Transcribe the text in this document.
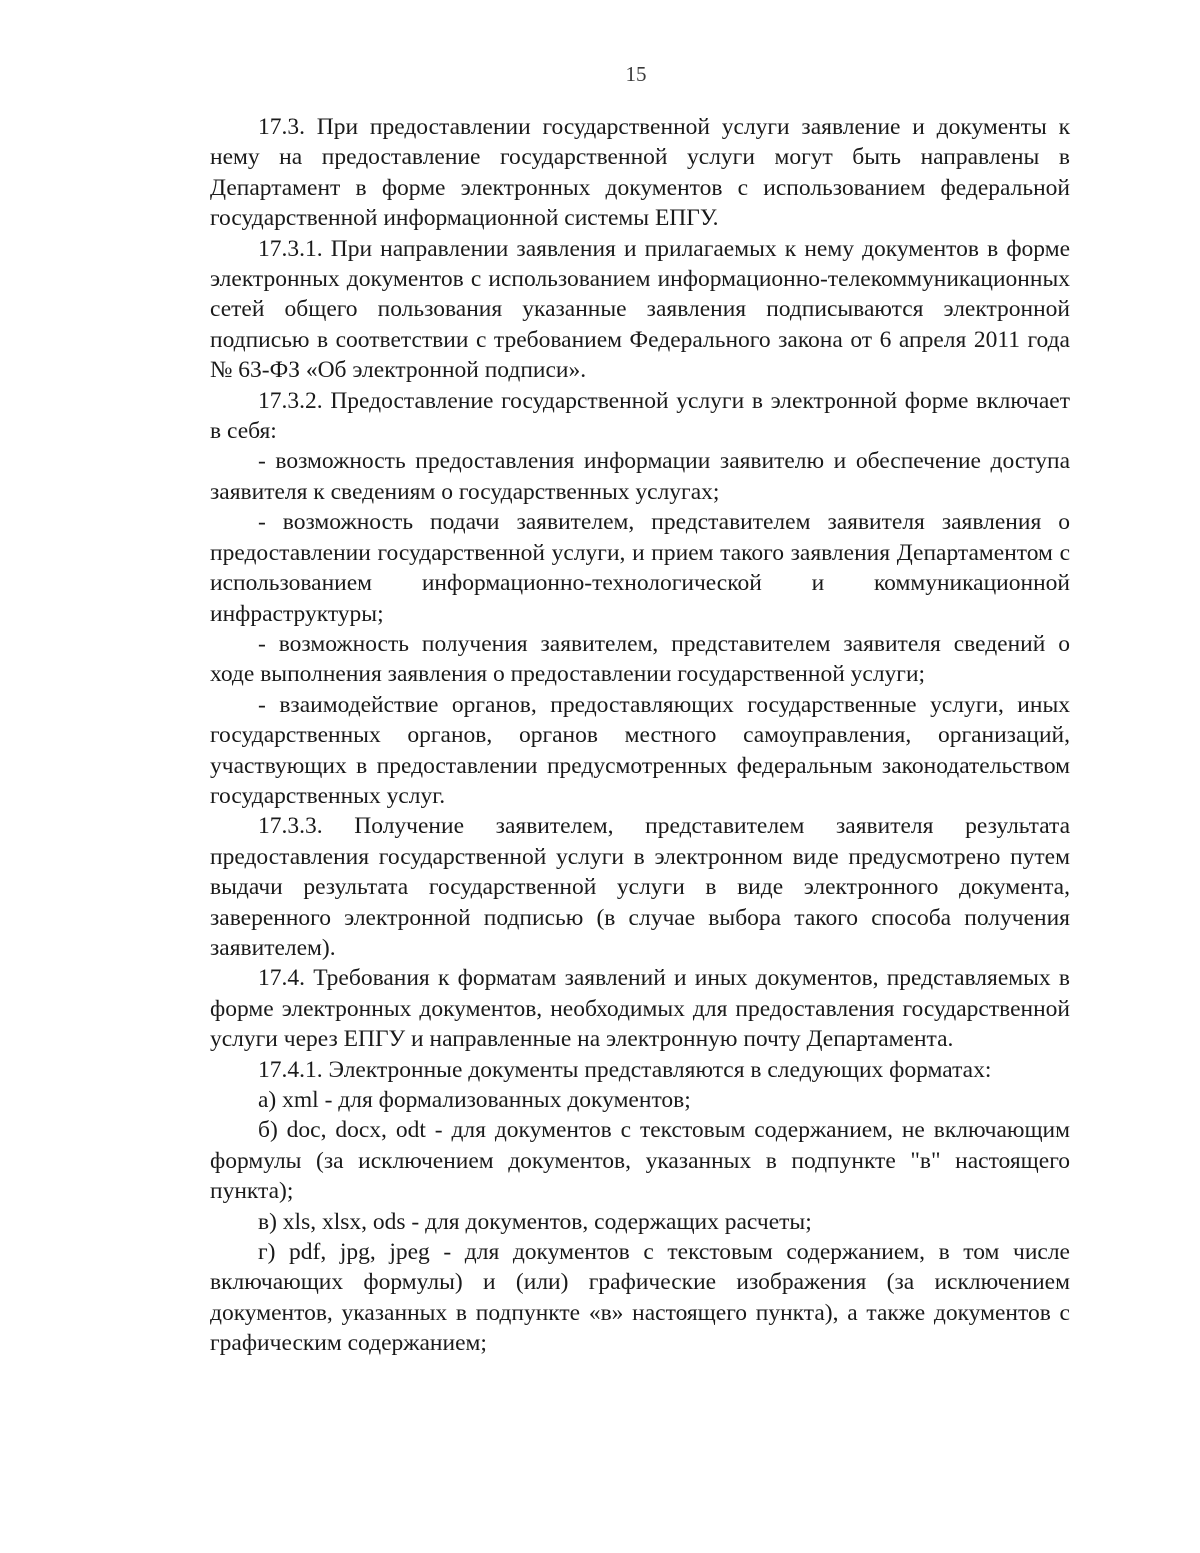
15

17.3. При предоставлении государственной услуги заявление и документы к нему на предоставление государственной услуги могут быть направлены в Департамент в форме электронных документов с использованием федеральной государственной информационной системы ЕПГУ.

17.3.1. При направлении заявления и прилагаемых к нему документов в форме электронных документов с использованием информационно-телекоммуникационных сетей общего пользования указанные заявления подписываются электронной подписью в соответствии с требованием Федерального закона от 6 апреля 2011 года № 63-ФЗ «Об электронной подписи».

17.3.2. Предоставление государственной услуги в электронной форме включает в себя:

- возможность предоставления информации заявителю и обеспечение доступа заявителя к сведениям о государственных услугах;

- возможность подачи заявителем, представителем заявителя заявления о предоставлении государственной услуги, и прием такого заявления Департаментом с использованием информационно-технологической и коммуникационной инфраструктуры;

- возможность получения заявителем, представителем заявителя сведений о ходе выполнения заявления о предоставлении государственной услуги;

- взаимодействие органов, предоставляющих государственные услуги, иных государственных органов, органов местного самоуправления, организаций, участвующих в предоставлении предусмотренных федеральным законодательством государственных услуг.

17.3.3. Получение заявителем, представителем заявителя результата предоставления государственной услуги в электронном виде предусмотрено путем выдачи результата государственной услуги в виде электронного документа, заверенного электронной подписью (в случае выбора такого способа получения заявителем).

17.4. Требования к форматам заявлений и иных документов, представляемых в форме электронных документов, необходимых для предоставления государственной услуги через ЕПГУ и направленные на электронную почту Департамента.

17.4.1. Электронные документы представляются в следующих форматах:

а) xml - для формализованных документов;

б) doc, docx, odt - для документов с текстовым содержанием, не включающим формулы (за исключением документов, указанных в подпункте "в" настоящего пункта);

в) xls, xlsx, ods - для документов, содержащих расчеты;

г) pdf, jpg, jpeg - для документов с текстовым содержанием, в том числе включающих формулы) и (или) графические изображения (за исключением документов, указанных в подпункте «в» настоящего пункта), а также документов с графическим содержанием;
